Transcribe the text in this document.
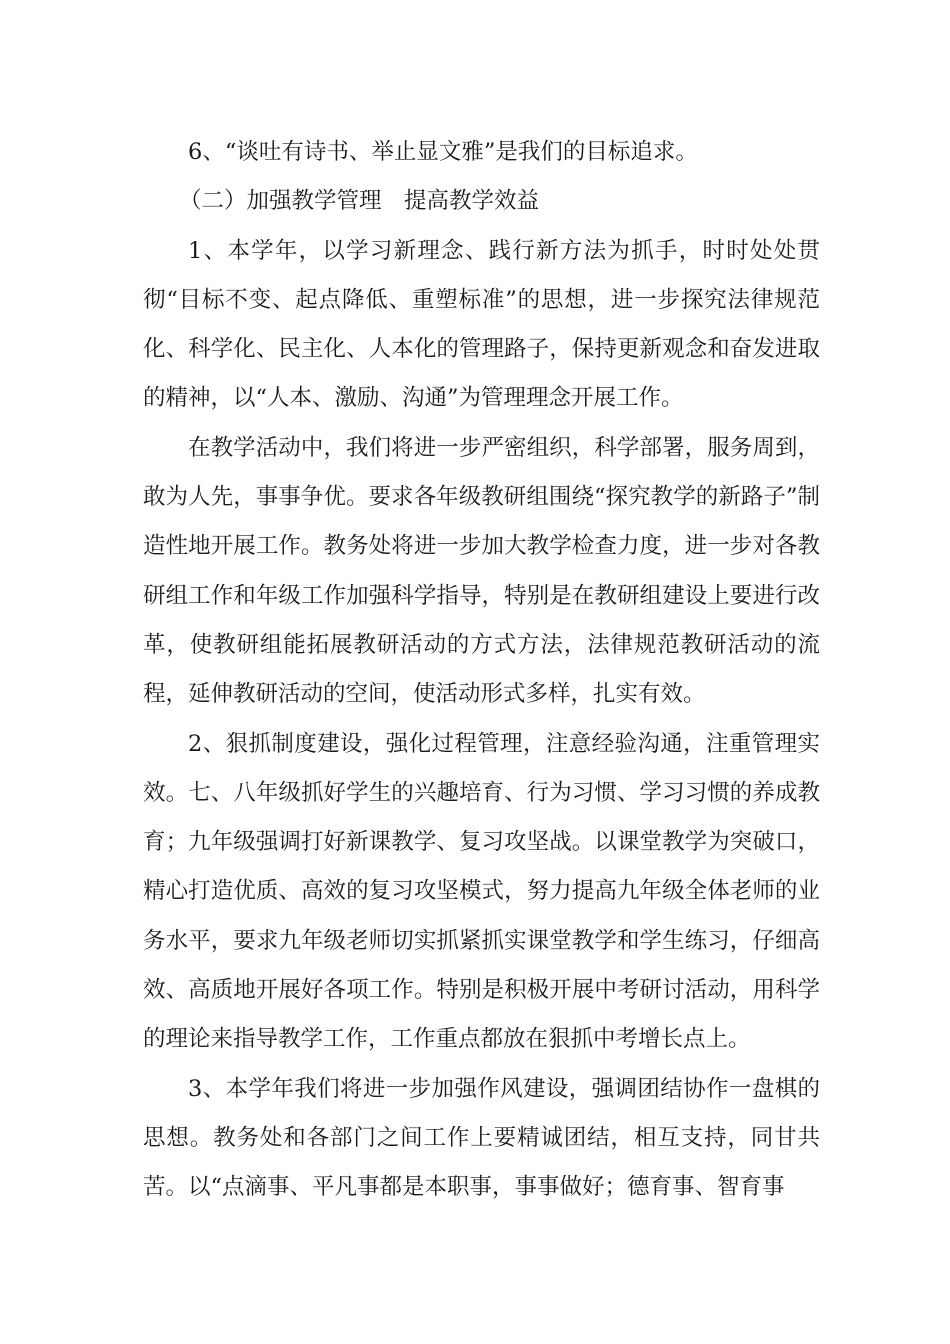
6、“谈吐有诗书、举止显文雅”是我们的目标追求。

（二）加强教学管理　提高教学效益

1、本学年，以学习新理念、践行新方法为抓手，时时处处贯彻“目标不变、起点降低、重塑标准”的思想，进一步探究法律规范化、科学化、民主化、人本化的管理路子，保持更新观念和奋发进取的精神，以“人本、激励、沟通”为管理理念开展工作。

在教学活动中，我们将进一步严密组织，科学部署，服务周到，敢为人先，事事争优。要求各年级教研组围绕“探究教学的新路子”制造性地开展工作。教务处将进一步加大教学检查力度，进一步对各教研组工作和年级工作加强科学指导，特别是在教研组建设上要进行改革，使教研组能拓展教研活动的方式方法，法律规范教研活动的流程，延伸教研活动的空间，使活动形式多样，扎实有效。

2、狠抓制度建设，强化过程管理，注意经验沟通，注重管理实效。七、八年级抓好学生的兴趣培育、行为习惯、学习习惯的养成教育；九年级强调打好新课教学、复习攻坚战。以课堂教学为突破口，精心打造优质、高效的复习攻坚模式，努力提高九年级全体老师的业务水平，要求九年级老师切实抓紧抓实课堂教学和学生练习，仔细高效、高质地开展好各项工作。特别是积极开展中考研讨活动，用科学的理论来指导教学工作，工作重点都放在狠抓中考增长点上。

3、本学年我们将进一步加强作风建设，强调团结协作一盘棋的思想。教务处和各部门之间工作上要精诚团结，相互支持，同甘共苦。以“点滴事、平凡事都是本职事，事事做好；德育事、智育事
